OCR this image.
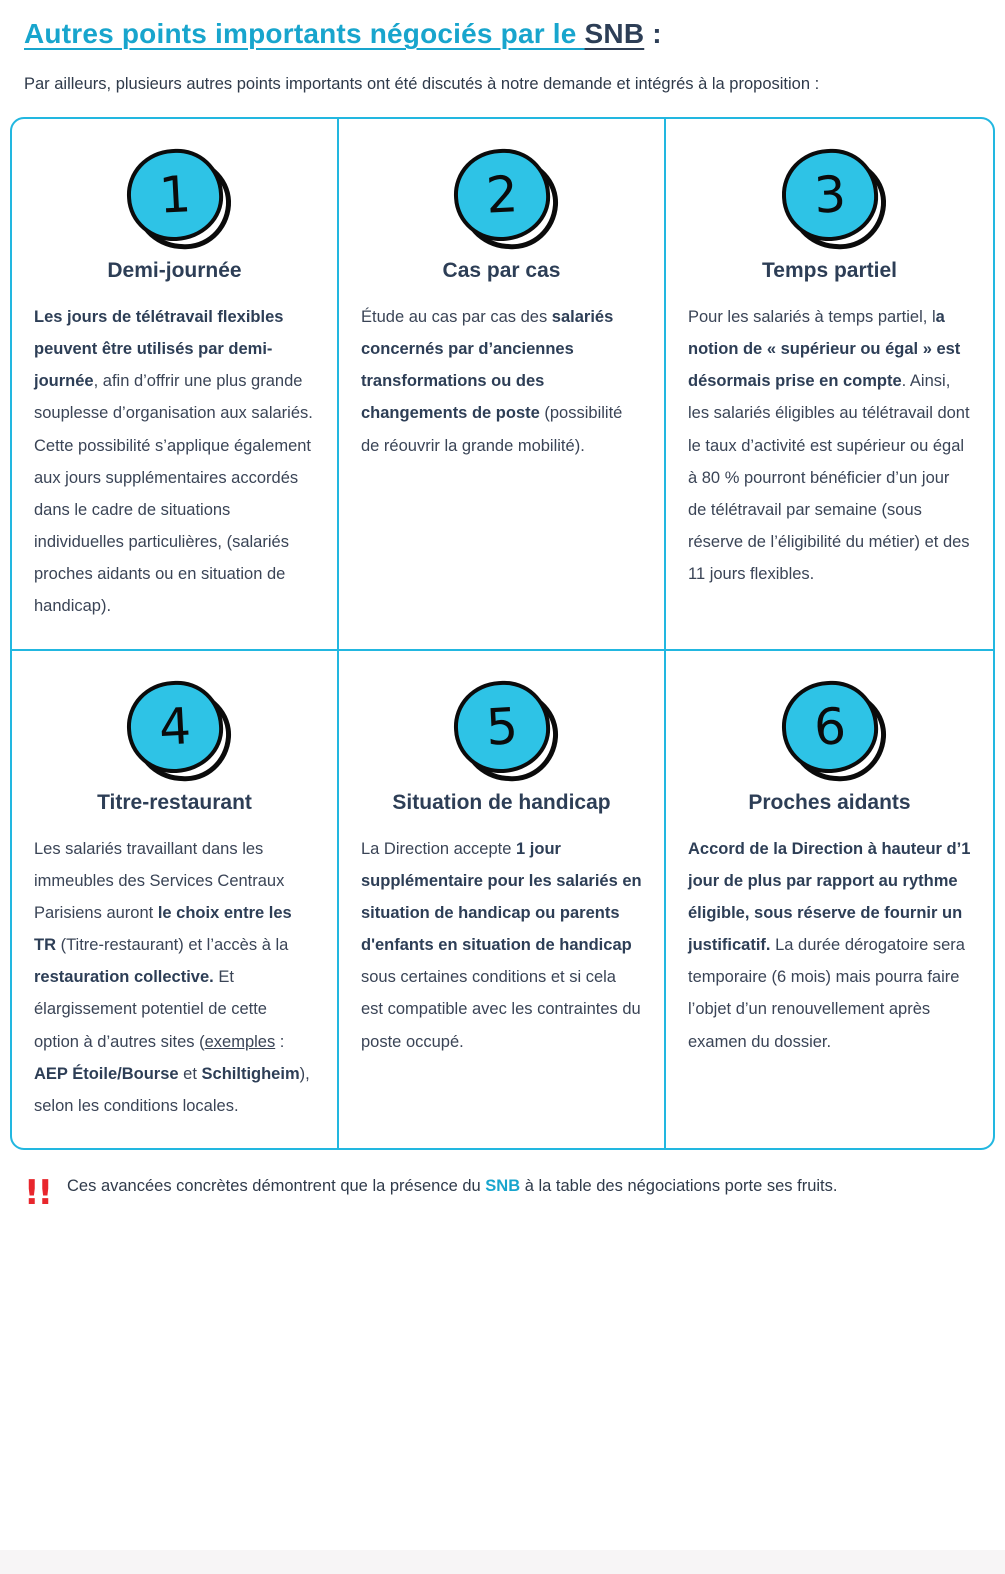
Autres points importants négociés par le SNB :

Par ailleurs, plusieurs autres points importants ont été discutés à notre demande et intégrés à la proposition :

1
Demi-journée
Les jours de télétravail flexibles peuvent être utilisés par demi-journée, afin d’offrir une plus grande souplesse d’organisation aux salariés. Cette possibilité s’applique également aux jours supplémentaires accordés dans le cadre de situations individuelles particulières, (salariés proches aidants ou en situation de handicap).
2
Cas par cas
Étude au cas par cas des salariés concernés par d’anciennes transformations ou des changements de poste (possibilité de réouvrir la grande mobilité).
3
Temps partiel
Pour les salariés à temps partiel, la notion de « supérieur ou égal » est désormais prise en compte. Ainsi, les salariés éligibles au télétravail dont le taux d’activité est supérieur ou égal à 80 % pourront bénéficier d’un jour de télétravail par semaine (sous réserve de l’éligibilité du métier) et des 11 jours flexibles.
4
Titre-restaurant
Les salariés travaillant dans les immeubles des Services Centraux Parisiens auront le choix entre les TR (Titre-restaurant) et l’accès à la restauration collective. Et élargissement potentiel de cette option à d’autres sites (exemples : AEP Étoile/Bourse et Schiltigheim), selon les conditions locales.
5
Situation de handicap
La Direction accepte 1 jour supplémentaire pour les salariés en situation de handicap ou parents d'enfants en situation de handicap sous certaines conditions et si cela est compatible avec les contraintes du poste occupé.
6
Proches aidants
Accord de la Direction à hauteur d’1 jour de plus par rapport au rythme éligible, sous réserve de fournir un justificatif. La durée dérogatoire sera temporaire (6 mois) mais pourra faire l’objet d’un renouvellement après examen du dossier.
!! Ces avancées concrètes démontrent que la présence du SNB à la table des négociations porte ses fruits.
